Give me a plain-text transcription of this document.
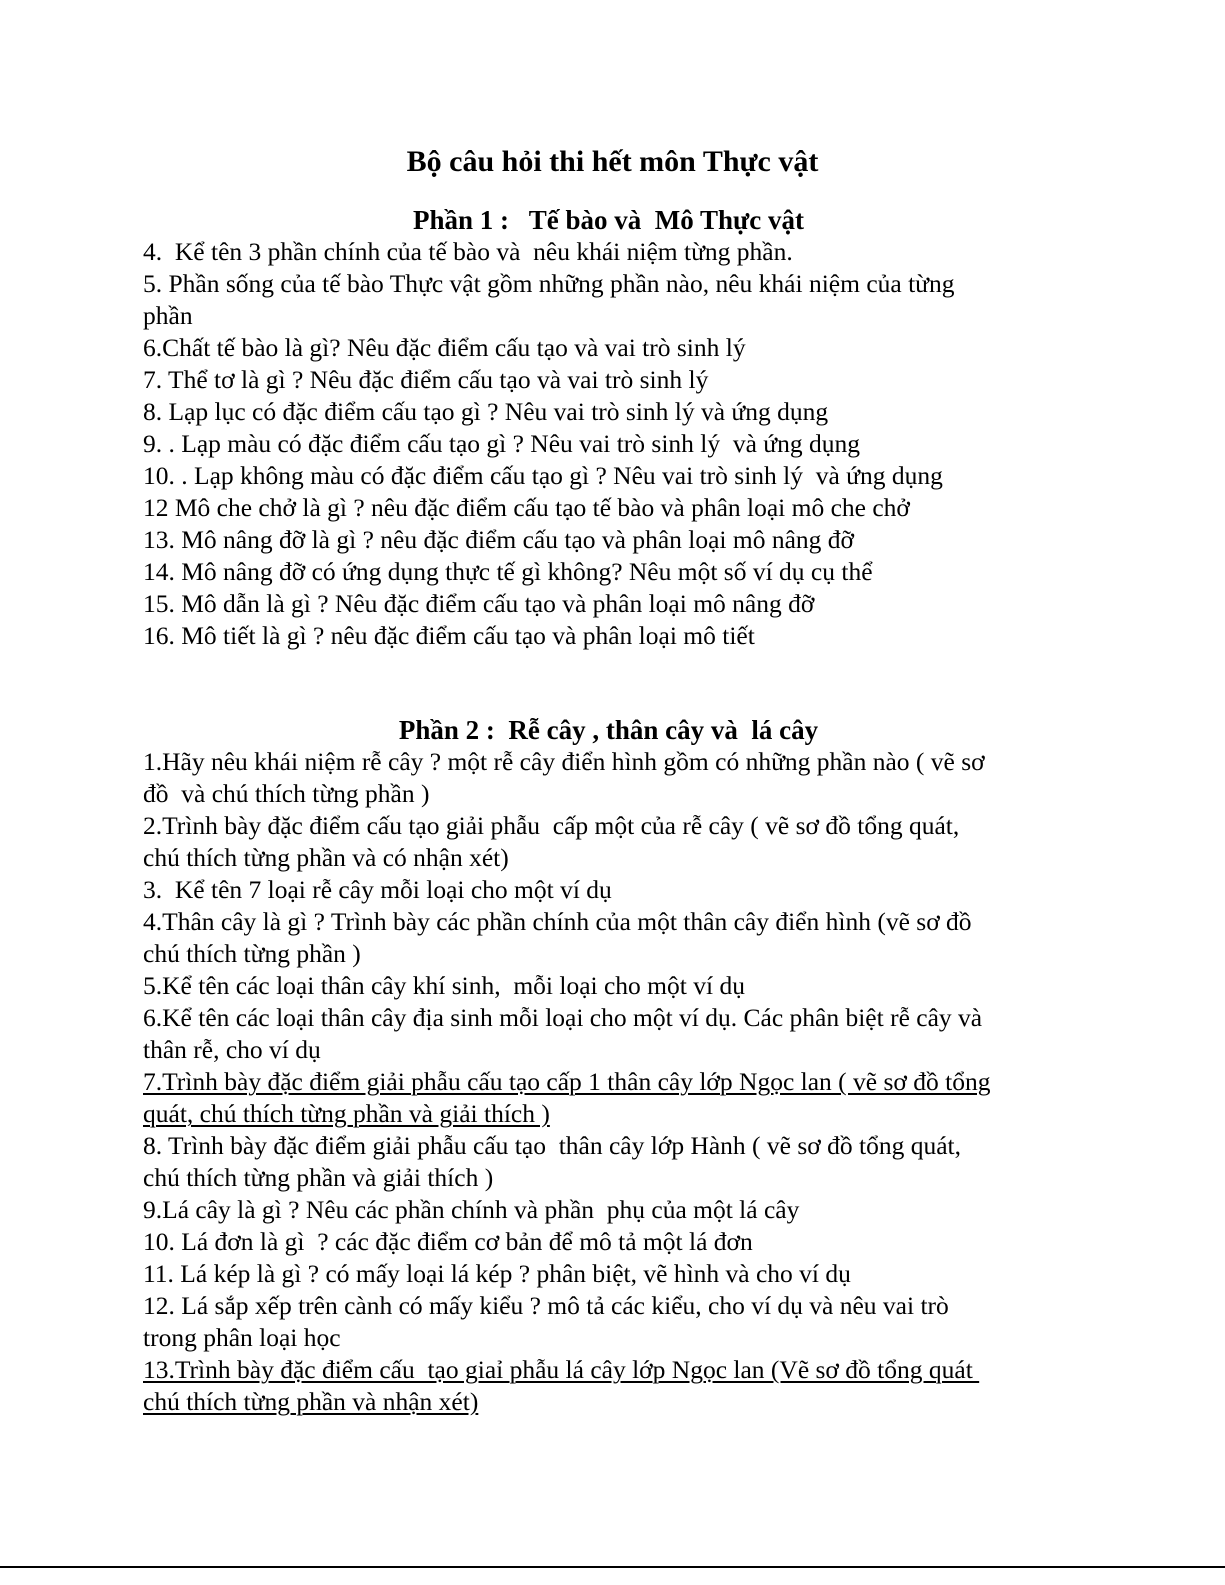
Bộ câu hỏi thi hết môn Thực vật
Phần 1 :   Tế bào và  Mô Thực vật
4.  Kể tên 3 phần chính của tế bào và  nêu khái niệm từng phần.
5. Phần sống của tế bào Thực vật gồm những phần nào, nêu khái niệm của từng
phần
6.Chất tế bào là gì? Nêu đặc điểm cấu tạo và vai trò sinh lý
7. Thể tơ là gì ? Nêu đặc điểm cấu tạo và vai trò sinh lý
8. Lạp lục có đặc điểm cấu tạo gì ? Nêu vai trò sinh lý và ứng dụng
9. . Lạp màu có đặc điểm cấu tạo gì ? Nêu vai trò sinh lý  và ứng dụng
10. . Lạp không màu có đặc điểm cấu tạo gì ? Nêu vai trò sinh lý  và ứng dụng
12 Mô che chở là gì ? nêu đặc điểm cấu tạo tế bào và phân loại mô che chở
13. Mô nâng đỡ là gì ? nêu đặc điểm cấu tạo và phân loại mô nâng đỡ
14. Mô nâng đỡ có ứng dụng thực tế gì không? Nêu một số ví dụ cụ thể
15. Mô dẫn là gì ? Nêu đặc điểm cấu tạo và phân loại mô nâng đỡ
16. Mô tiết là gì ? nêu đặc điểm cấu tạo và phân loại mô tiết
Phần 2 :  Rễ cây , thân cây và  lá cây
1.Hãy nêu khái niệm rễ cây ? một rễ cây điển hình gồm có những phần nào ( vẽ sơ
đồ  và chú thích từng phần )
2.Trình bày đặc điểm cấu tạo giải phẫu  cấp một của rễ cây ( vẽ sơ đồ tổng quát,
chú thích từng phần và có nhận xét)
3.  Kể tên 7 loại rễ cây mỗi loại cho một ví dụ
4.Thân cây là gì ? Trình bày các phần chính của một thân cây điển hình (vẽ sơ đồ
chú thích từng phần )
5.Kể tên các loại thân cây khí sinh,  mỗi loại cho một ví dụ
6.Kể tên các loại thân cây địa sinh mỗi loại cho một ví dụ. Các phân biệt rễ cây và
thân rễ, cho ví dụ
7.Trình bày đặc điểm giải phẫu cấu tạo cấp 1 thân cây lớp Ngọc lan ( vẽ sơ đồ tổng
quát, chú thích từng phần và giải thích )
8. Trình bày đặc điểm giải phẫu cấu tạo  thân cây lớp Hành ( vẽ sơ đồ tổng quát,
chú thích từng phần và giải thích )
9.Lá cây là gì ? Nêu các phần chính và phần  phụ của một lá cây
10. Lá đơn là gì  ? các đặc điểm cơ bản để mô tả một lá đơn
11. Lá kép là gì ? có mấy loại lá kép ? phân biệt, vẽ hình và cho ví dụ
12. Lá sắp xếp trên cành có mấy kiểu ? mô tả các kiểu, cho ví dụ và nêu vai trò
trong phân loại học
13.Trình bày đặc điểm cấu  tạo giaỉ phẫu lá cây lớp Ngọc lan (Vẽ sơ đồ tổng quát
chú thích từng phần và nhận xét)
